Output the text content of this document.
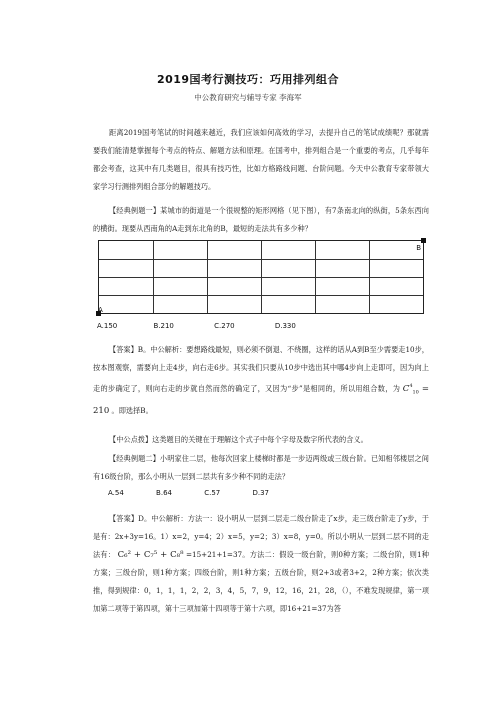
2019国考行测技巧：巧用排列组合
中公教育研究与辅导专家 李海军
距离2019国考笔试的时间越来越近，我们应该如何高效的学习，去提升自己的笔试成绩呢？那就需要我们能清楚掌握每个考点的特点、解题方法和原理。在国考中，排列组合是一个重要的考点，几乎每年都会考查，这其中有几类题目，很具有技巧性，比如方格路线问题、台阶问题。今天中公教育专家带领大家学习行测排列组合部分的解题技巧。
【经典例题一】某城市的街道是一个很规整的矩形网格（见下图），有7条南北向的纵街，5条东西向的横街。现要从西南角的A走到东北角的B，最短的走法共有多少种？
B
A
A.150	B.210	C.270	D.330
【答案】B。中公解析：要想路线最短，则必须不倒退、不绕圈，这样的话从A到B至少需要走10步，按本图观察，需要向上走4步，向右走6步。其实我们只要从10步中选出其中哪4步向上走即可，因为向上走的步确定了，则向右走的步就自然而然的确定了，又因为“步”是相同的，所以用组合数，为 $C^4_{10} = 210$ 。即选择B。
【中公点拨】这类题目的关键在于理解这个式子中每个字母及数字所代表的含义。
【经典例题二】小明家住二层，他每次回家上楼梯时都是一步迈两级或三级台阶。已知相邻楼层之间有16级台阶，那么小明从一层到二层共有多少种不同的走法？
A.54	B.64	C.57	D.37
【答案】D。中公解析：方法一：设小明从一层到二层走二级台阶走了x步，走三级台阶走了y步，于是有：2x+3y=16。1）x=2，y=4；2）x=5，y=2；3）x=8，y=0。所以小明从一层到二层不同的走法有： C₆² + C₇⁵ + C₈⁸ =15+21+1=37。方法二：假设一级台阶，则0种方案；二级台阶，则1种方案；三级台阶，则1种方案；四级台阶，则1种方案；五级台阶，则2+3或者3+2，2种方案；依次类推，得到规律：0，1，1，1，2，2，3，4，5，7，9，12，16，21，28，（），不难发现规律，第一项加第二项等于第四项，第十三项加第十四项等于第十六项，即16+21=37为答
